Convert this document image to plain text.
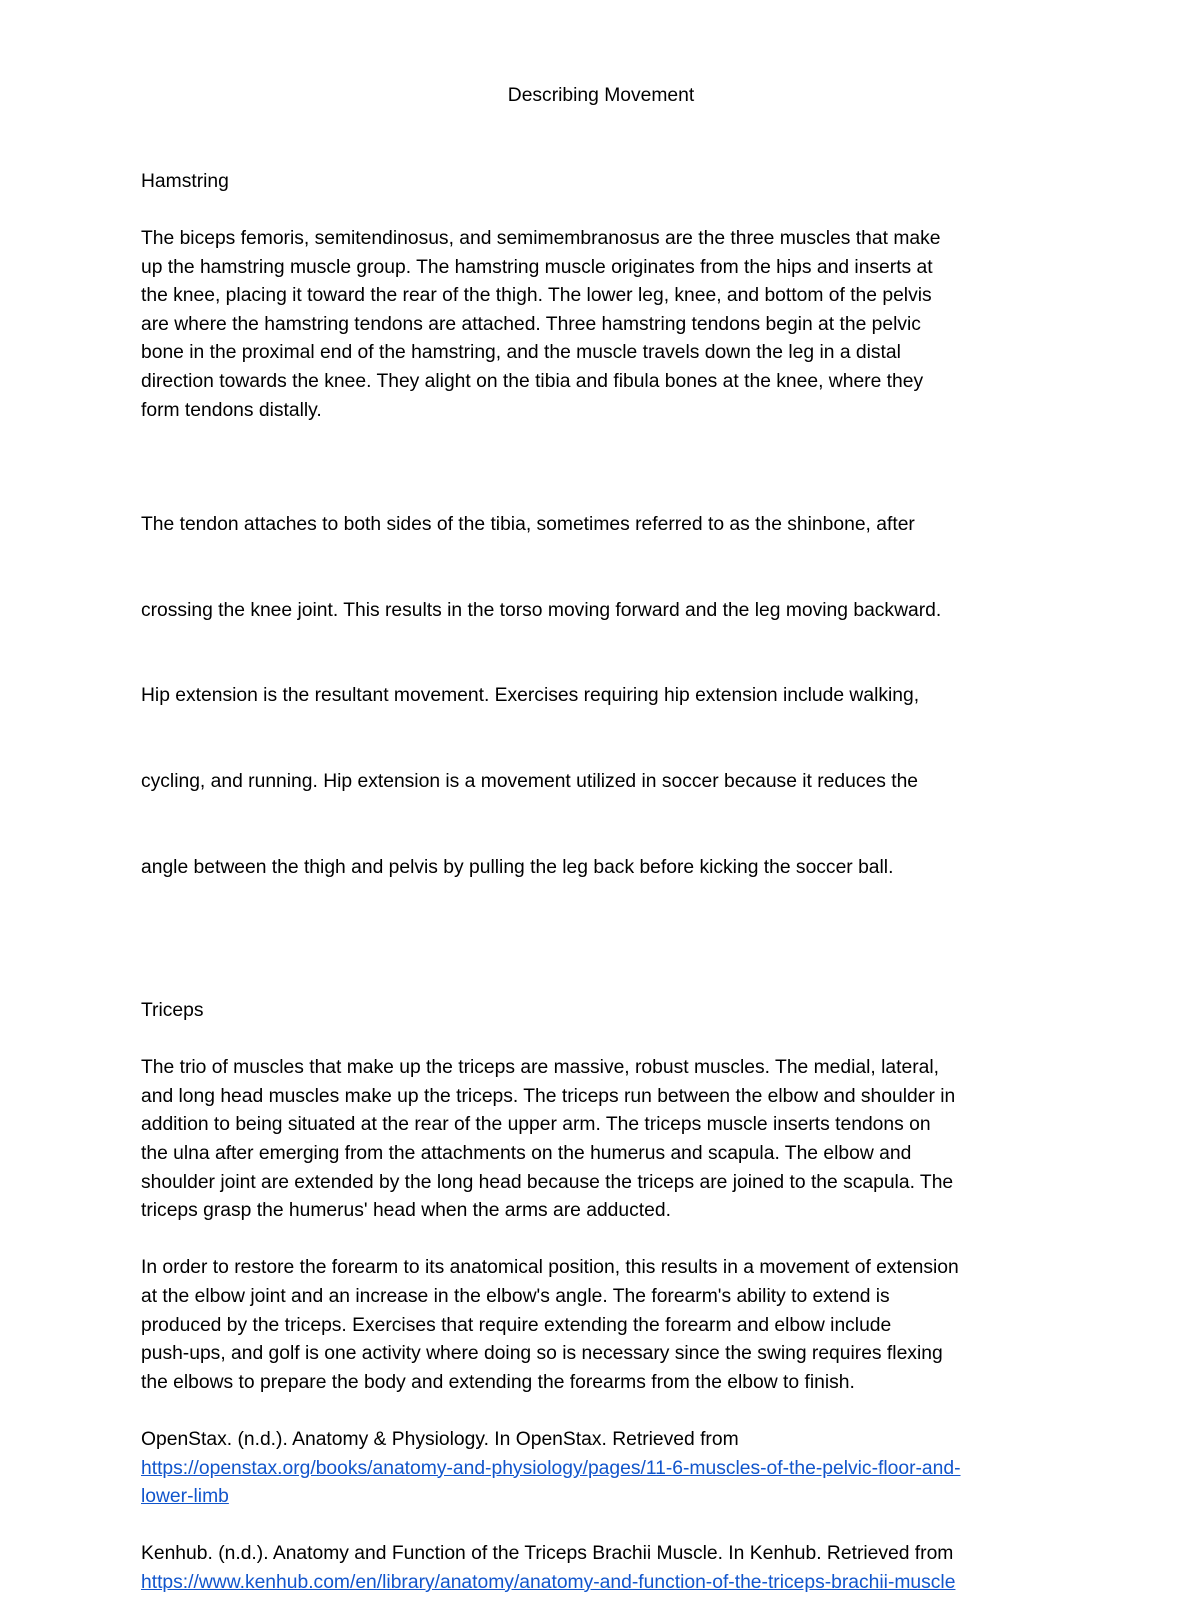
Describing Movement
Hamstring

The biceps femoris, semitendinosus, and semimembranosus are the three muscles that make
up the hamstring muscle group. The hamstring muscle originates from the hips and inserts at
the knee, placing it toward the rear of the thigh. The lower leg, knee, and bottom of the pelvis
are where the hamstring tendons are attached. Three hamstring tendons begin at the pelvic
bone in the proximal end of the hamstring, and the muscle travels down the leg in a distal
direction towards the knee. They alight on the tibia and fibula bones at the knee, where they
form tendons distally.

The tendon attaches to both sides of the tibia, sometimes referred to as the shinbone, after

crossing the knee joint. This results in the torso moving forward and the leg moving backward.

Hip extension is the resultant movement. Exercises requiring hip extension include walking,

cycling, and running. Hip extension is a movement utilized in soccer because it reduces the

angle between the thigh and pelvis by pulling the leg back before kicking the soccer ball.

Triceps

The trio of muscles that make up the triceps are massive, robust muscles. The medial, lateral,
and long head muscles make up the triceps. The triceps run between the elbow and shoulder in
addition to being situated at the rear of the upper arm. The triceps muscle inserts tendons on
the ulna after emerging from the attachments on the humerus and scapula. The elbow and
shoulder joint are extended by the long head because the triceps are joined to the scapula. The
triceps grasp the humerus' head when the arms are adducted.

In order to restore the forearm to its anatomical position, this results in a movement of extension
at the elbow joint and an increase in the elbow's angle. The forearm's ability to extend is
produced by the triceps. Exercises that require extending the forearm and elbow include
push-ups, and golf is one activity where doing so is necessary since the swing requires flexing
the elbows to prepare the body and extending the forearms from the elbow to finish.

OpenStax. (n.d.). Anatomy & Physiology. In OpenStax. Retrieved from
https://openstax.org/books/anatomy-and-physiology/pages/11-6-muscles-of-the-pelvic-floor-and-
lower-limb

Kenhub. (n.d.). Anatomy and Function of the Triceps Brachii Muscle. In Kenhub. Retrieved from
https://www.kenhub.com/en/library/anatomy/anatomy-and-function-of-the-triceps-brachii-muscle
